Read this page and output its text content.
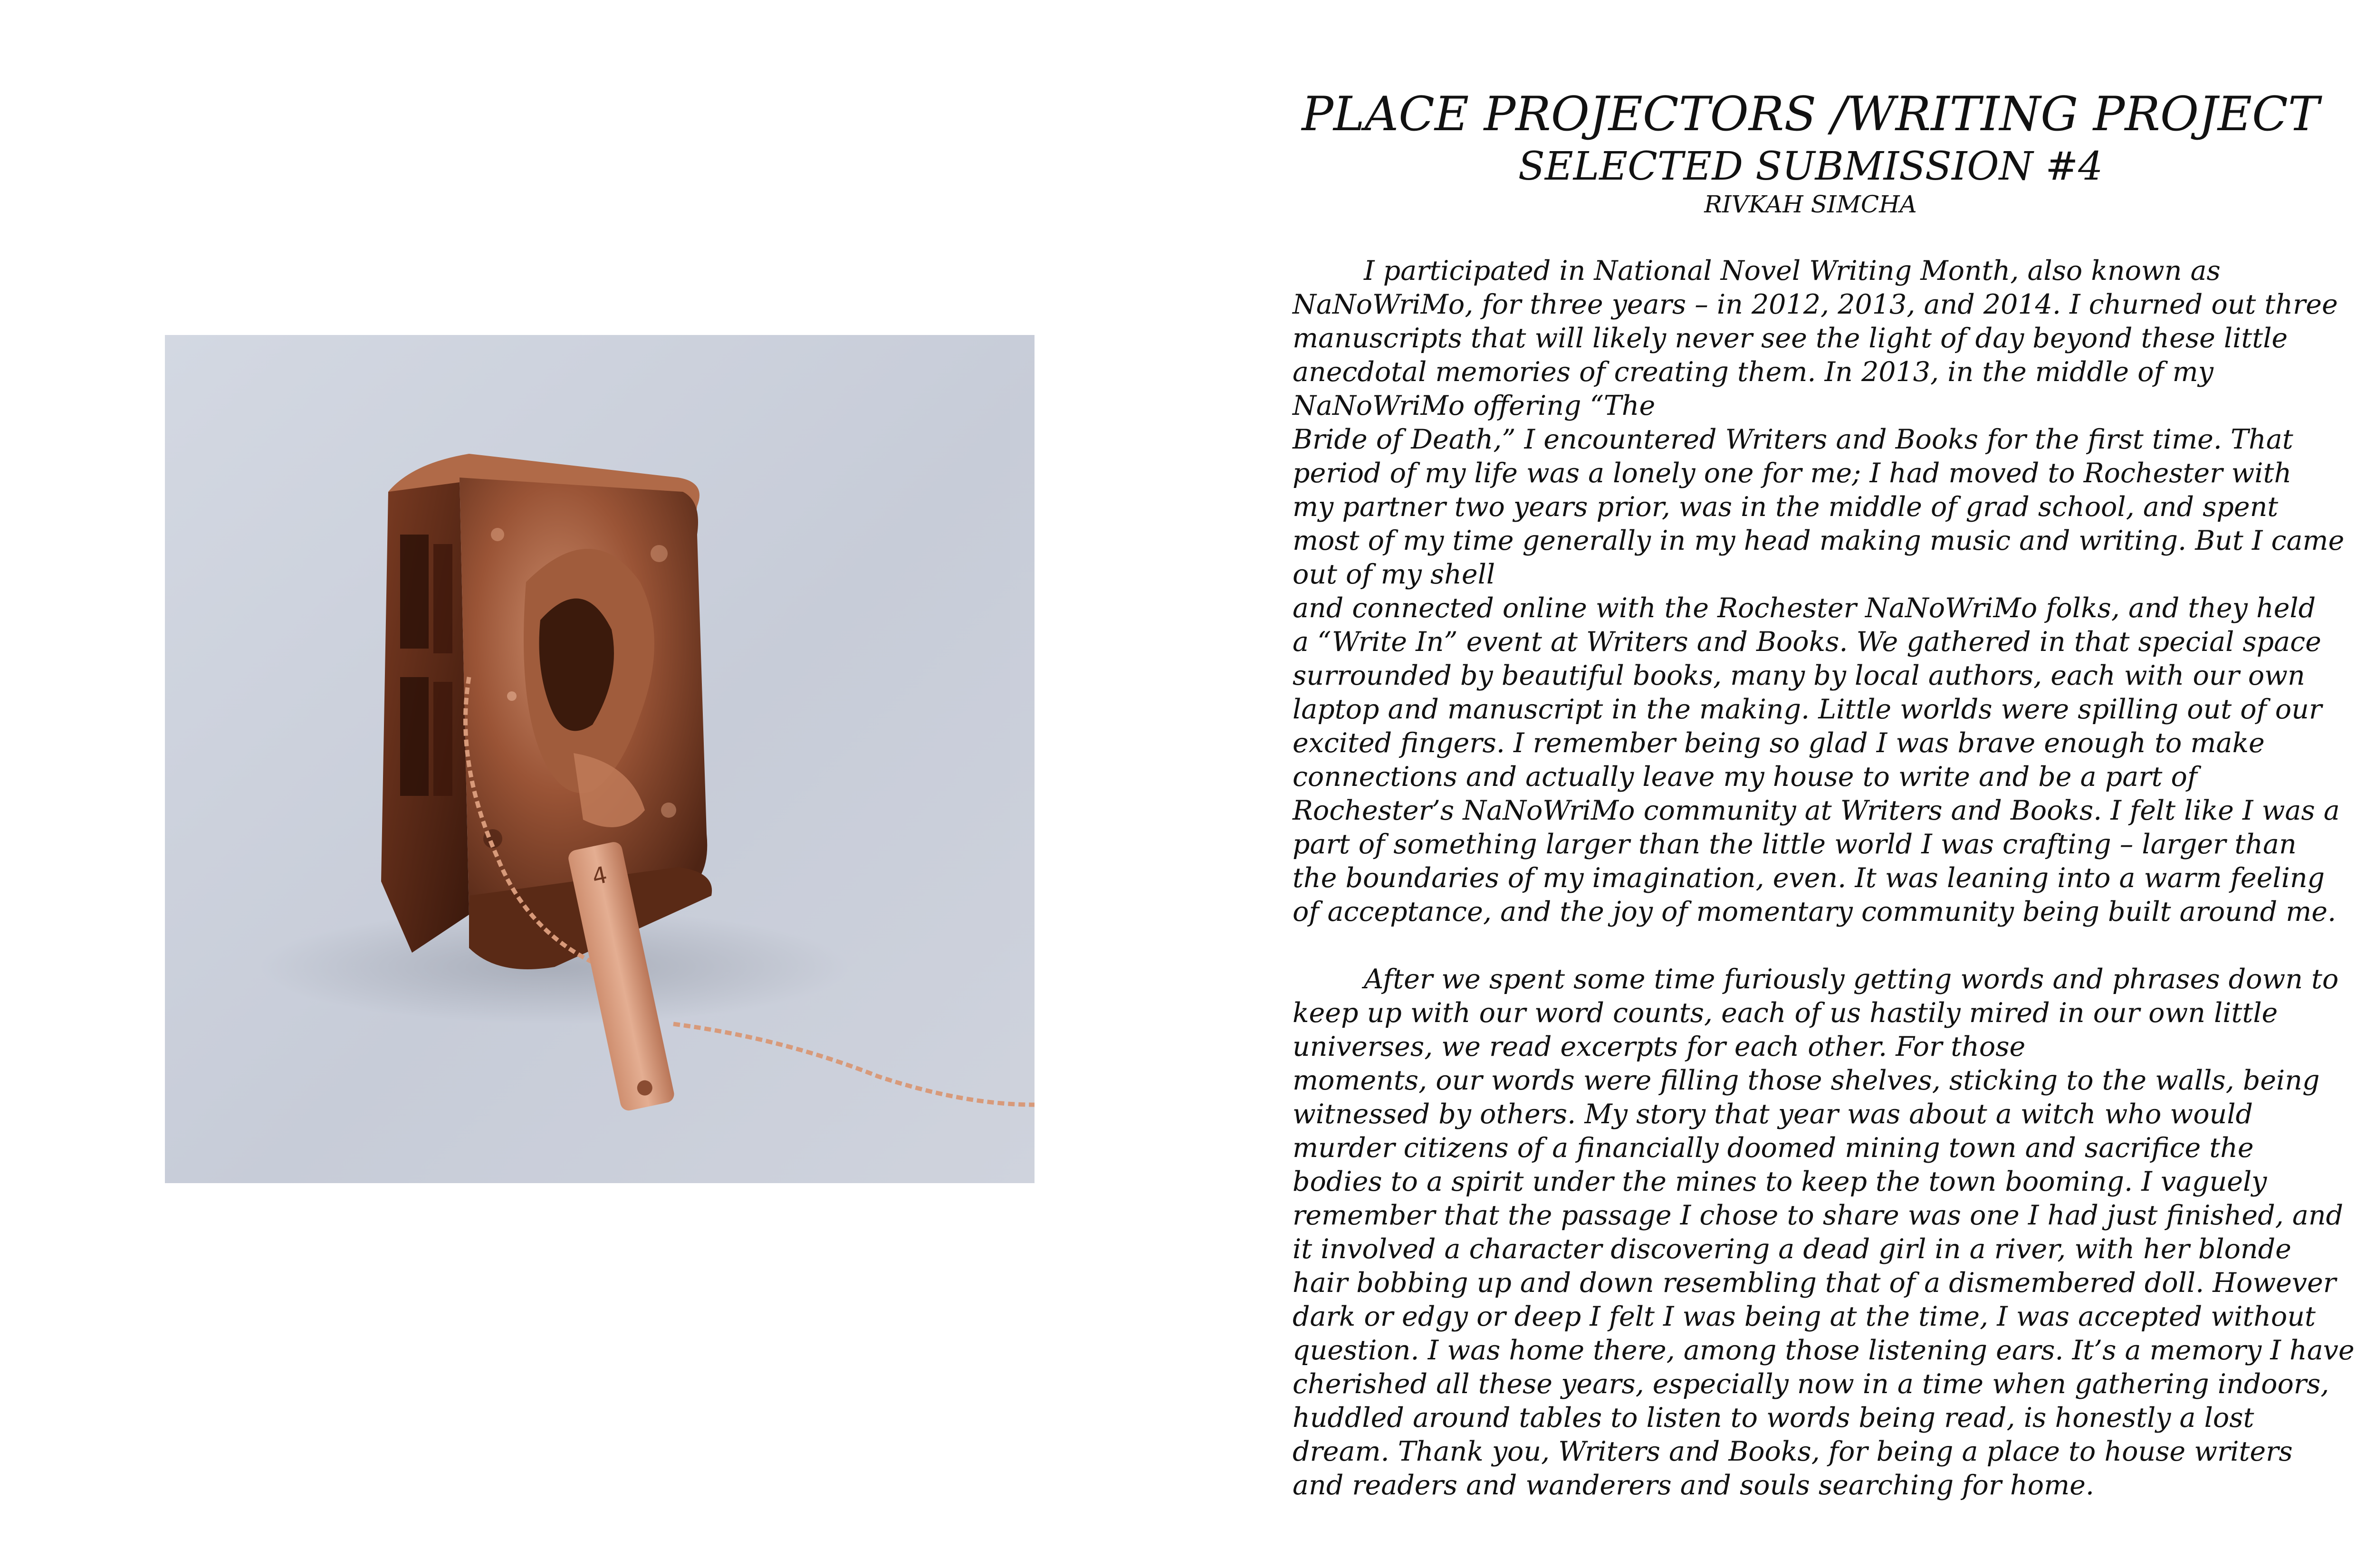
4
PLACE PROJECTORS /WRITING PROJECT
SELECTED SUBMISSION #4
RIVKAH SIMCHA
I participated in National Novel Writing Month, also known as
NaNoWriMo, for three years – in 2012, 2013, and 2014. I churned out three
manuscripts that will likely never see the light of day beyond these little
anecdotal memories of creating them. In 2013, in the middle of my
NaNoWriMo offering “The
Bride of Death,” I encountered Writers and Books for the first time. That
period of my life was a lonely one for me; I had moved to Rochester with
my partner two years prior, was in the middle of grad school, and spent
most of my time generally in my head making music and writing. But I came
out of my shell
and connected online with the Rochester NaNoWriMo folks, and they held
a “Write In” event at Writers and Books. We gathered in that special space
surrounded by beautiful books, many by local authors, each with our own
laptop and manuscript in the making. Little worlds were spilling out of our
excited fingers. I remember being so glad I was brave enough to make
connections and actually leave my house to write and be a part of
Rochester’s NaNoWriMo community at Writers and Books. I felt like I was a
part of something larger than the little world I was crafting – larger than
the boundaries of my imagination, even. It was leaning into a warm feeling
of acceptance, and the joy of momentary community being built around me.
After we spent some time furiously getting words and phrases down to
keep up with our word counts, each of us hastily mired in our own little
universes, we read excerpts for each other. For those
moments, our words were filling those shelves, sticking to the walls, being
witnessed by others. My story that year was about a witch who would
murder citizens of a financially doomed mining town and sacrifice the
bodies to a spirit under the mines to keep the town booming. I vaguely
remember that the passage I chose to share was one I had just finished, and
it involved a character discovering a dead girl in a river, with her blonde
hair bobbing up and down resembling that of a dismembered doll. However
dark or edgy or deep I felt I was being at the time, I was accepted without
question. I was home there, among those listening ears. It’s a memory I have
cherished all these years, especially now in a time when gathering indoors,
huddled around tables to listen to words being read, is honestly a lost
dream. Thank you, Writers and Books, for being a place to house writers
and readers and wanderers and souls searching for home.
